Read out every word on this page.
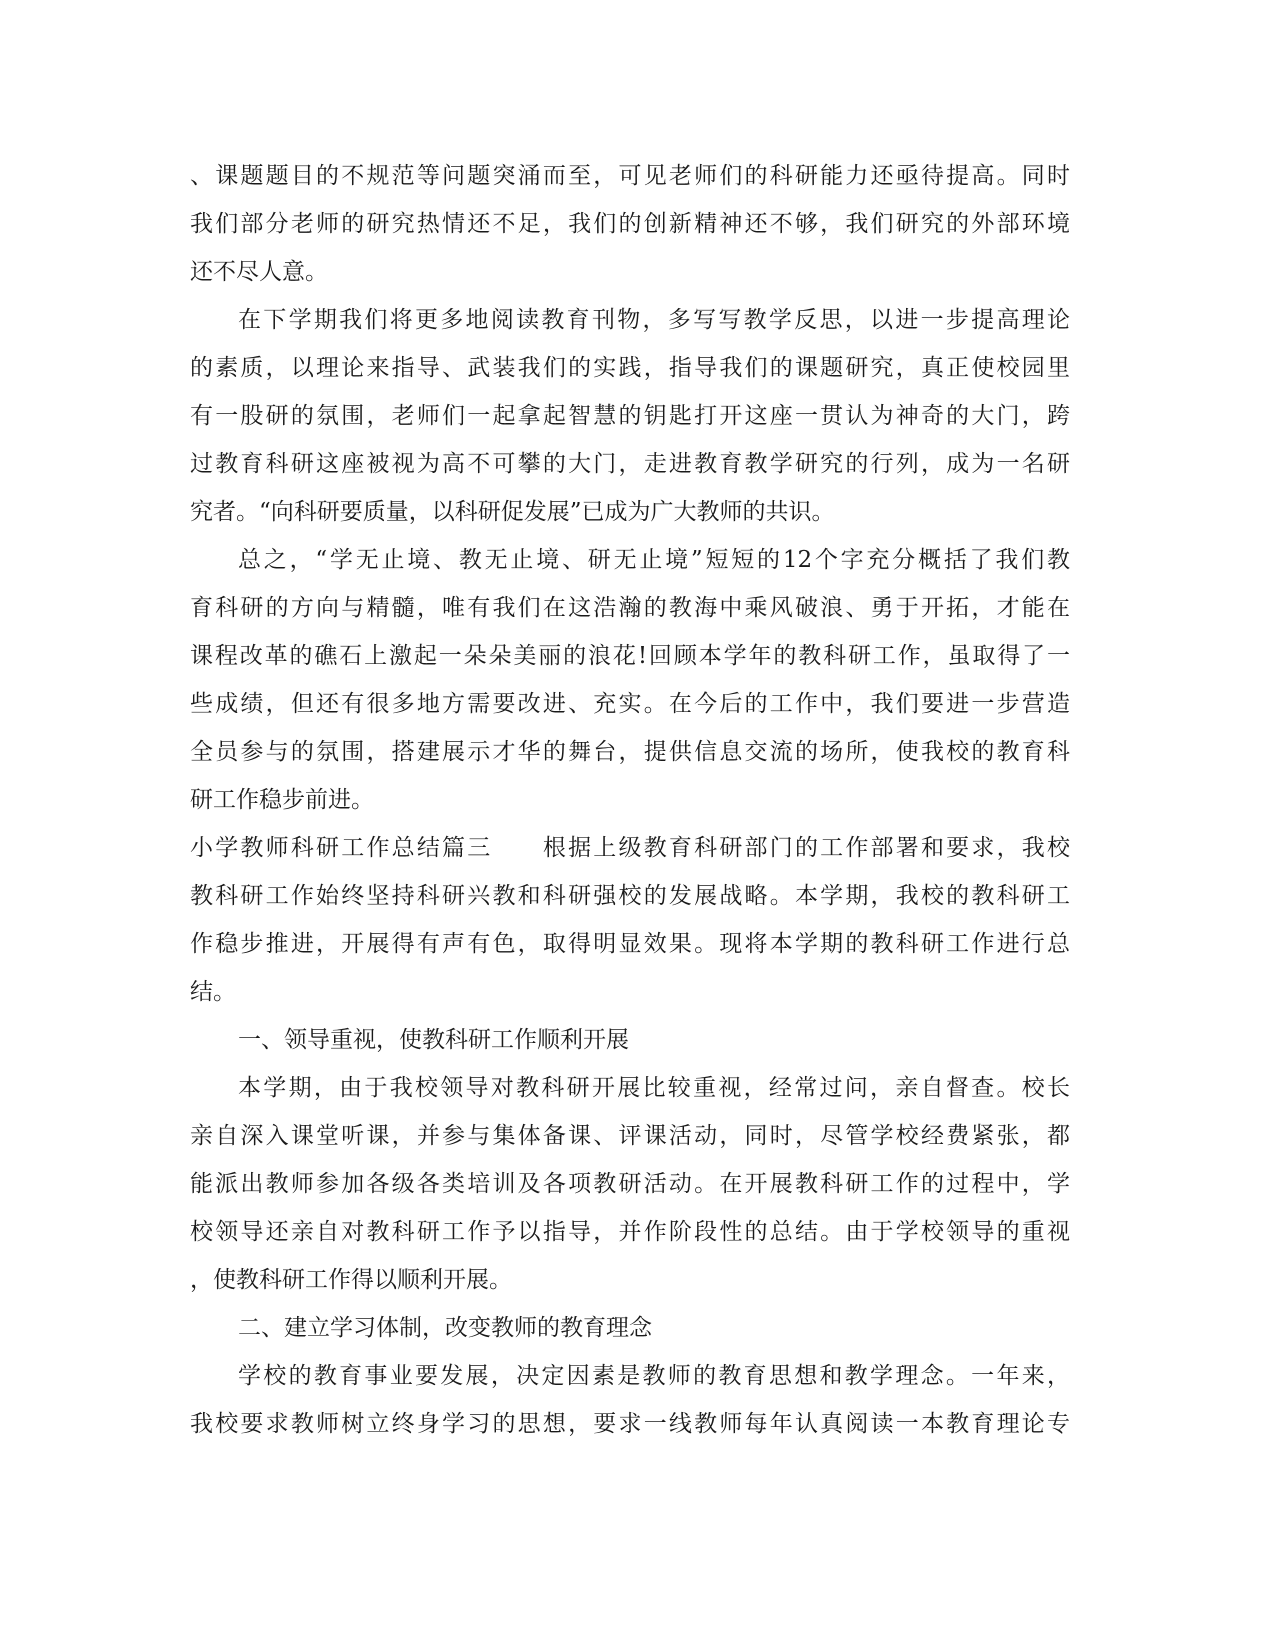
、课题题目的不规范等问题突涌而至，可见老师们的科研能力还亟待提高。同时
我们部分老师的研究热情还不足，我们的创新精神还不够，我们研究的外部环境
还不尽人意。
在下学期我们将更多地阅读教育刊物，多写写教学反思，以进一步提高理论
的素质，以理论来指导、武装我们的实践，指导我们的课题研究，真正使校园里
有一股研的氛围，老师们一起拿起智慧的钥匙打开这座一贯认为神奇的大门，跨
过教育科研这座被视为高不可攀的大门，走进教育教学研究的行列，成为一名研
究者。“向科研要质量，以科研促发展”已成为广大教师的共识。
总之，“学无止境、教无止境、研无止境”短短的12个字充分概括了我们教
育科研的方向与精髓，唯有我们在这浩瀚的教海中乘风破浪、勇于开拓，才能在
课程改革的礁石上激起一朵朵美丽的浪花!回顾本学年的教科研工作，虽取得了一
些成绩，但还有很多地方需要改进、充实。在今后的工作中，我们要进一步营造
全员参与的氛围，搭建展示才华的舞台，提供信息交流的场所，使我校的教育科
研工作稳步前进。
小学教师科研工作总结篇三　　根据上级教育科研部门的工作部署和要求，我校
教科研工作始终坚持科研兴教和科研强校的发展战略。本学期，我校的教科研工
作稳步推进，开展得有声有色，取得明显效果。现将本学期的教科研工作进行总
结。
一、领导重视，使教科研工作顺利开展
本学期，由于我校领导对教科研开展比较重视，经常过问，亲自督查。校长
亲自深入课堂听课，并参与集体备课、评课活动，同时，尽管学校经费紧张，都
能派出教师参加各级各类培训及各项教研活动。在开展教科研工作的过程中，学
校领导还亲自对教科研工作予以指导，并作阶段性的总结。由于学校领导的重视
，使教科研工作得以顺利开展。
二、建立学习体制，改变教师的教育理念
学校的教育事业要发展，决定因素是教师的教育思想和教学理念。一年来，
我校要求教师树立终身学习的思想，要求一线教师每年认真阅读一本教育理论专
